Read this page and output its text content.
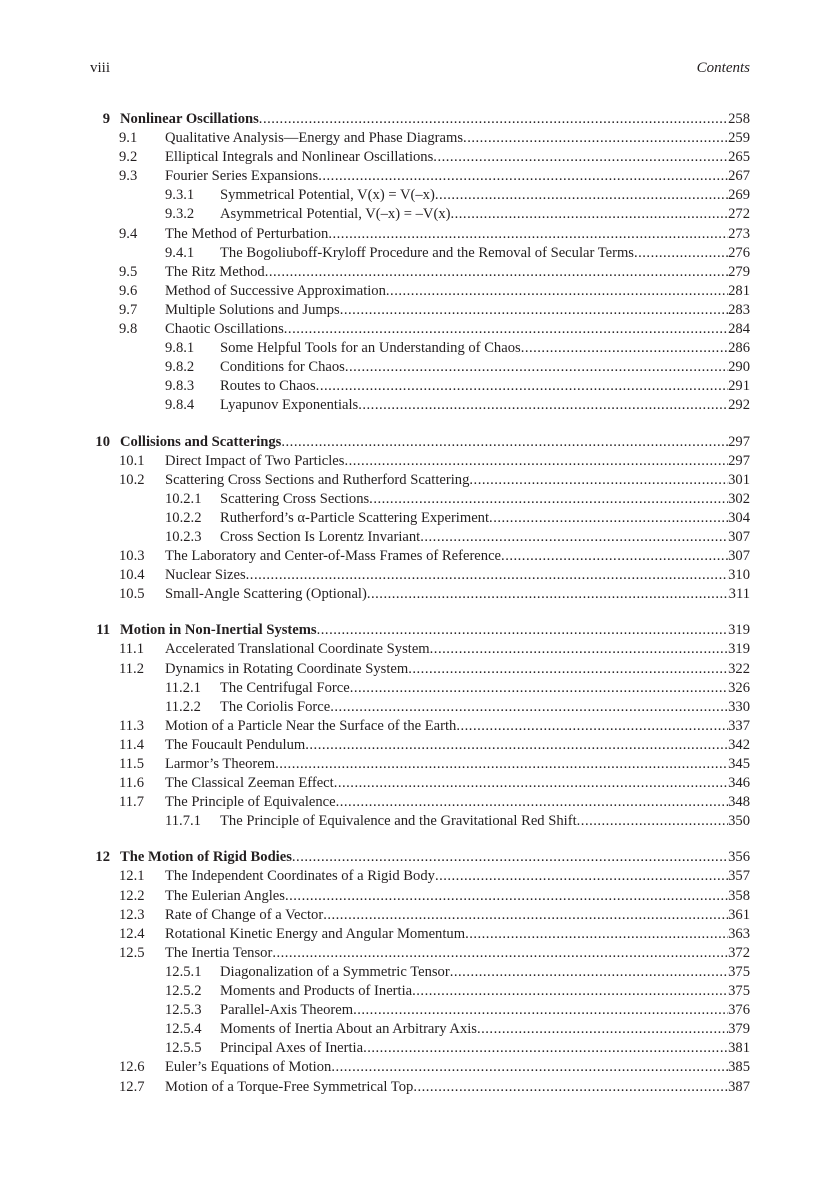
viii	Contents
9 Nonlinear Oscillations .....	258
9.1 Qualitative Analysis—Energy and Phase Diagrams .....	259
9.2 Elliptical Integrals and Nonlinear Oscillations .....	265
9.3 Fourier Series Expansions .....	267
9.3.1 Symmetrical Potential, V(x) = V(–x) .....	269
9.3.2 Asymmetrical Potential, V(–x) = –V(x) .....	272
9.4 The Method of Perturbation .....	273
9.4.1 The Bogoliuboff-Kryloff Procedure and the Removal of Secular Terms .....	276
9.5 The Ritz Method .....	279
9.6 Method of Successive Approximation .....	281
9.7 Multiple Solutions and Jumps .....	283
9.8 Chaotic Oscillations .....	284
9.8.1 Some Helpful Tools for an Understanding of Chaos .....	286
9.8.2 Conditions for Chaos .....	290
9.8.3 Routes to Chaos .....	291
9.8.4 Lyapunov Exponentials .....	292
10 Collisions and Scatterings .....	297
10.1 Direct Impact of Two Particles .....	297
10.2 Scattering Cross Sections and Rutherford Scattering .....	301
10.2.1 Scattering Cross Sections .....	302
10.2.2 Rutherford’s α-Particle Scattering Experiment .....	304
10.2.3 Cross Section Is Lorentz Invariant .....	307
10.3 The Laboratory and Center-of-Mass Frames of Reference .....	307
10.4 Nuclear Sizes .....	310
10.5 Small-Angle Scattering (Optional) .....	311
11 Motion in Non-Inertial Systems .....	319
11.1 Accelerated Translational Coordinate System .....	319
11.2 Dynamics in Rotating Coordinate System .....	322
11.2.1 The Centrifugal Force .....	326
11.2.2 The Coriolis Force .....	330
11.3 Motion of a Particle Near the Surface of the Earth .....	337
11.4 The Foucault Pendulum .....	342
11.5 Larmor’s Theorem .....	345
11.6 The Classical Zeeman Effect .....	346
11.7 The Principle of Equivalence .....	348
11.7.1 The Principle of Equivalence and the Gravitational Red Shift .....	350
12 The Motion of Rigid Bodies .....	356
12.1 The Independent Coordinates of a Rigid Body .....	357
12.2 The Eulerian Angles .....	358
12.3 Rate of Change of a Vector .....	361
12.4 Rotational Kinetic Energy and Angular Momentum .....	363
12.5 The Inertia Tensor .....	372
12.5.1 Diagonalization of a Symmetric Tensor .....	375
12.5.2 Moments and Products of Inertia .....	375
12.5.3 Parallel-Axis Theorem .....	376
12.5.4 Moments of Inertia About an Arbitrary Axis .....	379
12.5.5 Principal Axes of Inertia .....	381
12.6 Euler’s Equations of Motion .....	385
12.7 Motion of a Torque-Free Symmetrical Top .....	387
